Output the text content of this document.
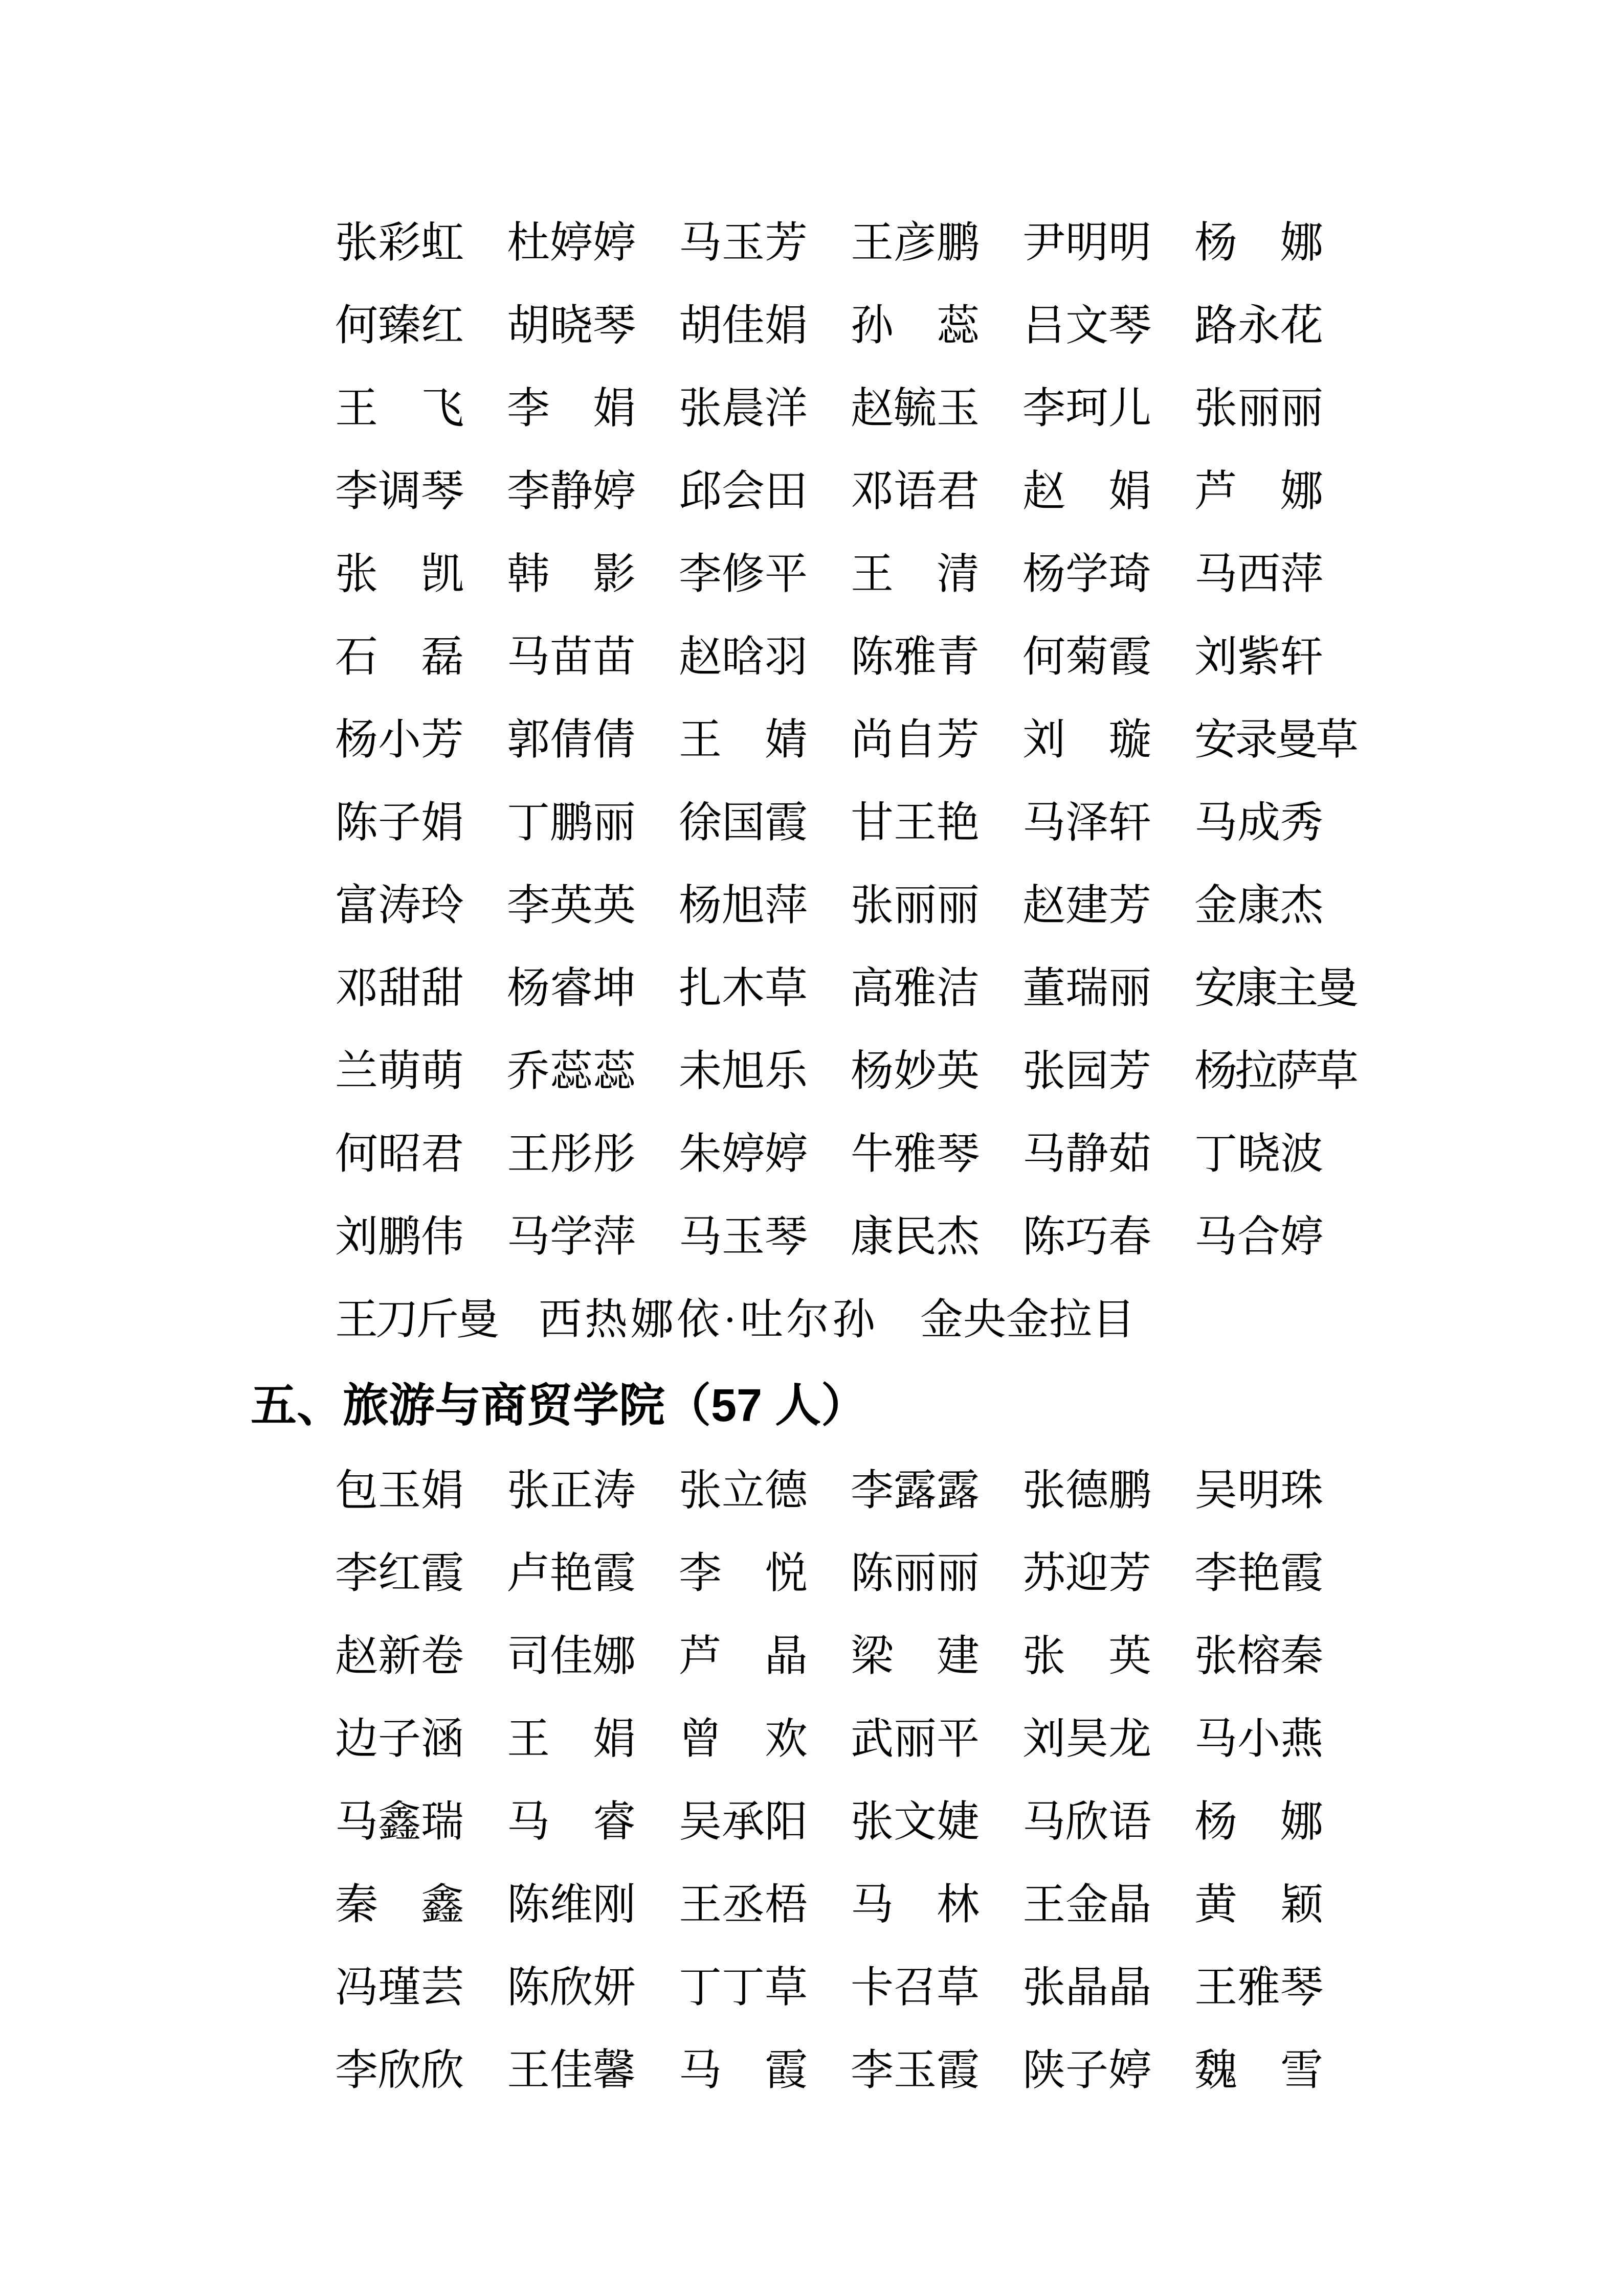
张彩虹 杜婷婷 马玉芳 王彦鹏 尹明明 杨　娜
何臻红 胡晓琴 胡佳娟 孙　蕊 吕文琴 路永花
王　飞 李　娟 张晨洋 赵毓玉 李珂儿 张丽丽
李调琴 李静婷 邱会田 邓语君 赵　娟 芦　娜
张　凯 韩　影 李修平 王　清 杨学琦 马西萍
石　磊 马苗苗 赵晗羽 陈雅青 何菊霞 刘紫轩
杨小芳 郭倩倩 王　婧 尚自芳 刘　璇 安录曼草
陈子娟 丁鹏丽 徐国霞 甘王艳 马泽轩 马成秀
富涛玲 李英英 杨旭萍 张丽丽 赵建芳 金康杰
邓甜甜 杨睿坤 扎木草 高雅洁 董瑞丽 安康主曼
兰萌萌 乔蕊蕊 未旭乐 杨妙英 张园芳 杨拉萨草
何昭君 王彤彤 朱婷婷 牛雅琴 马静茹 丁晓波
刘鹏伟 马学萍 马玉琴 康民杰 陈巧春 马合婷
王刀斤曼 西热娜依·吐尔孙 金央金拉目
五、旅游与商贸学院（57 人）
包玉娟 张正涛 张立德 李露露 张德鹏 吴明珠
李红霞 卢艳霞 李　悦 陈丽丽 苏迎芳 李艳霞
赵新卷 司佳娜 芦　晶 梁　建 张　英 张榕秦
边子涵 王　娟 曾　欢 武丽平 刘昊龙 马小燕
马鑫瑞 马　睿 吴承阳 张文婕 马欣语 杨　娜
秦　鑫 陈维刚 王丞梧 马　林 王金晶 黄　颖
冯瑾芸 陈欣妍 丁丁草 卡召草 张晶晶 王雅琴
李欣欣 王佳馨 马　霞 李玉霞 陕子婷 魏　雪
